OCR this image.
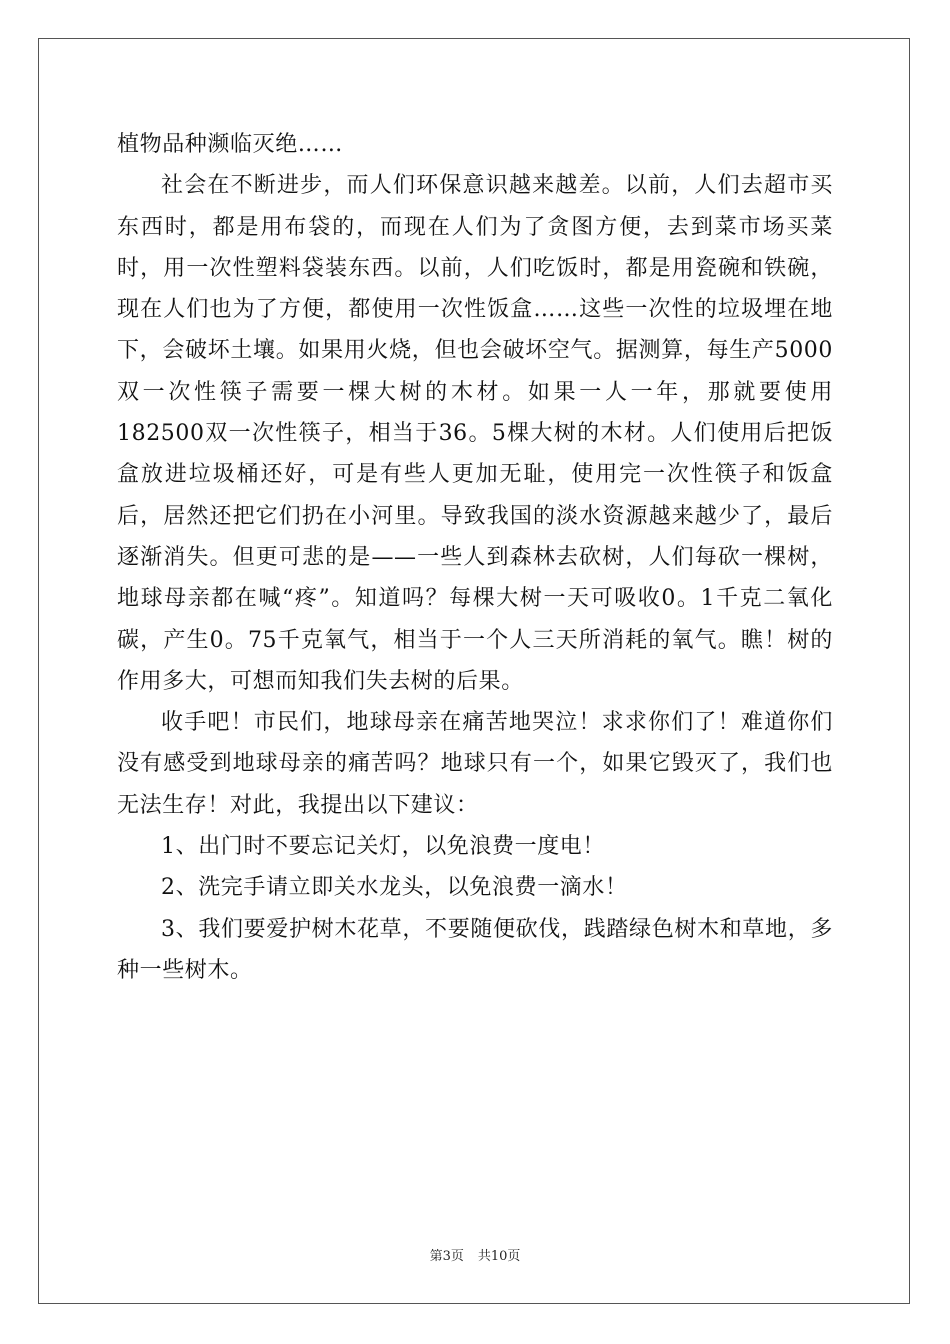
植物品种濒临灭绝……

社会在不断进步，而人们环保意识越来越差。以前，人们去超市买东西时，都是用布袋的，而现在人们为了贪图方便，去到菜市场买菜时，用一次性塑料袋装东西。以前，人们吃饭时，都是用瓷碗和铁碗，现在人们也为了方便，都使用一次性饭盒……这些一次性的垃圾埋在地下，会破坏土壤。如果用火烧，但也会破坏空气。据测算，每生产5000双一次性筷子需要一棵大树的木材。如果一人一年，那就要使用182500双一次性筷子，相当于36。5棵大树的木材。人们使用后把饭盒放进垃圾桶还好，可是有些人更加无耻，使用完一次性筷子和饭盒后，居然还把它们扔在小河里。导致我国的淡水资源越来越少了，最后逐渐消失。但更可悲的是——一些人到森林去砍树，人们每砍一棵树，地球母亲都在喊“疼”。知道吗？每棵大树一天可吸收0。1千克二氧化碳，产生0。75千克氧气，相当于一个人三天所消耗的氧气。瞧！树的作用多大，可想而知我们失去树的后果。

收手吧！市民们，地球母亲在痛苦地哭泣！求求你们了！难道你们没有感受到地球母亲的痛苦吗？地球只有一个，如果它毁灭了，我们也无法生存！对此，我提出以下建议：

1、出门时不要忘记关灯，以免浪费一度电！

2、洗完手请立即关水龙头，以免浪费一滴水！

3、我们要爱护树木花草，不要随便砍伐，践踏绿色树木和草地，多种一些树木。

第3页 共10页
